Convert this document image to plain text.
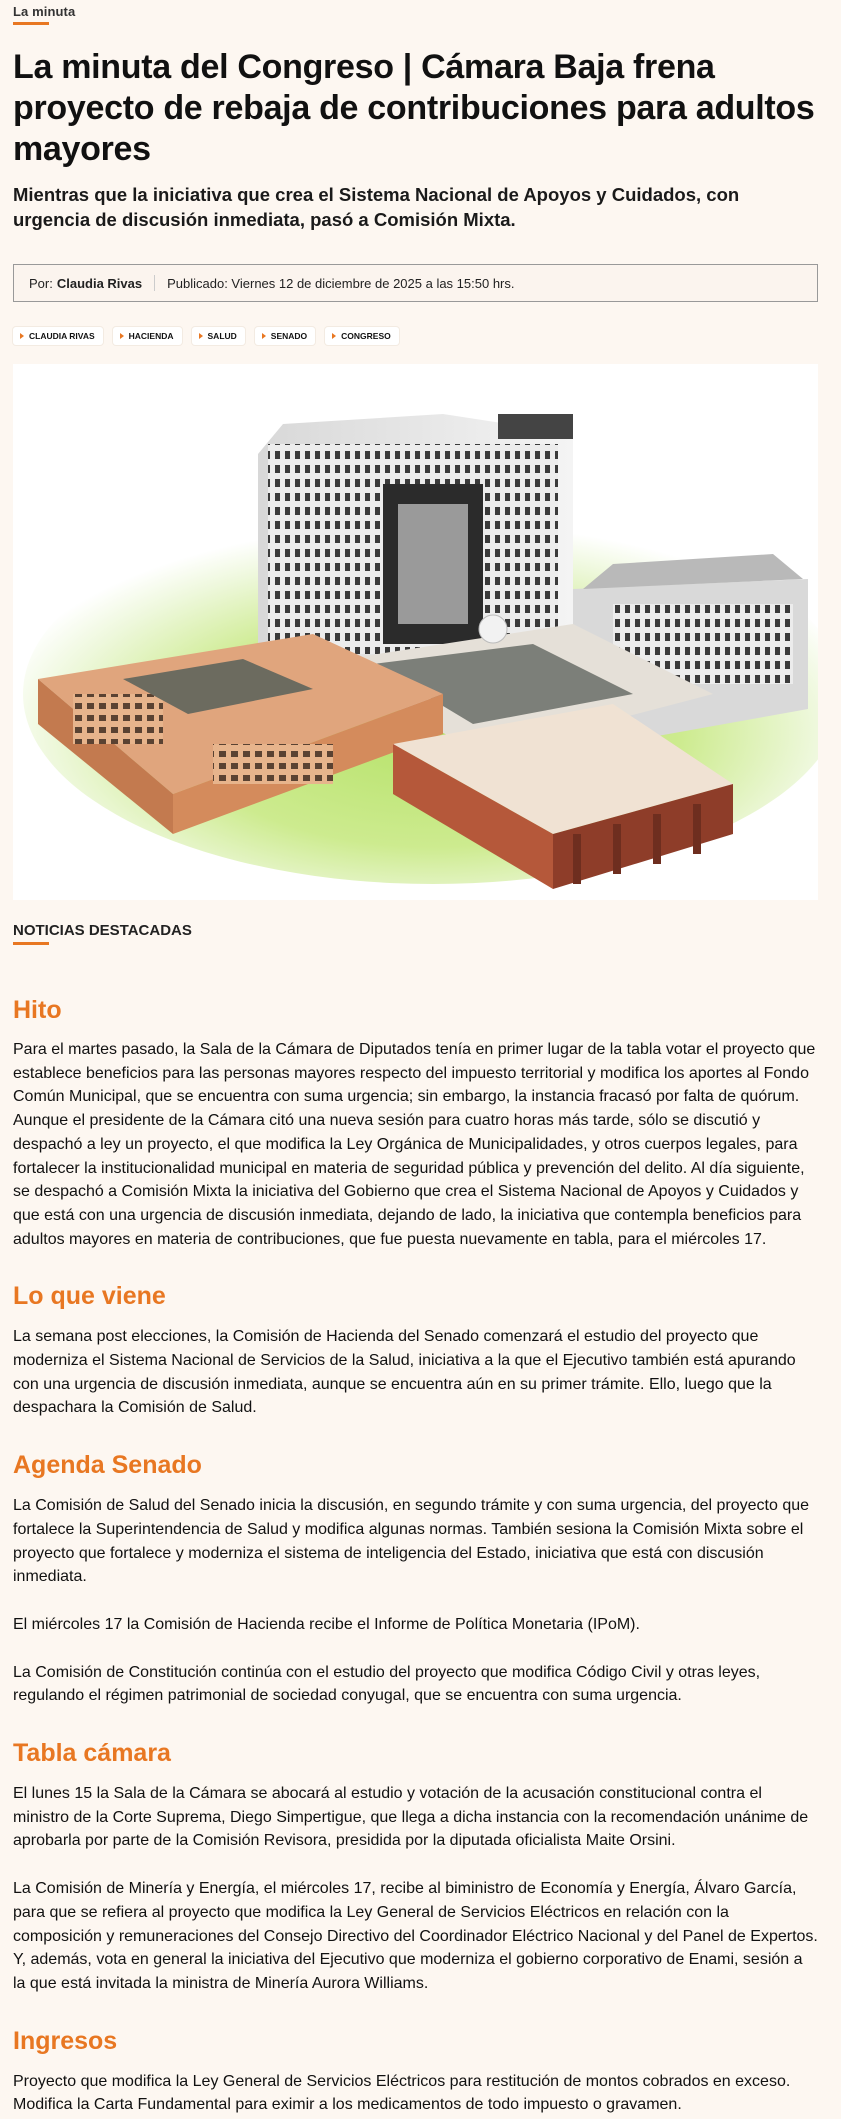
La minuta
La minuta del Congreso | Cámara Baja frena proyecto de rebaja de contribuciones para adultos mayores

Mientras que la iniciativa que crea el Sistema Nacional de Apoyos y Cuidados, con urgencia de discusión inmediata, pasó a Comisión Mixta.

Por: Claudia Rivas Publicado: Viernes 12 de diciembre de 2025 a las 15:50 hrs.
CLAUDIA RIVAS	HACIENDA	SALUD	SENADO	CONGRESO
NOTICIAS DESTACADAS
Hito

Para el martes pasado, la Sala de la Cámara de Diputados tenía en primer lugar de la tabla votar el proyecto que establece beneficios para las personas mayores respecto del impuesto territorial y modifica los aportes al Fondo Común Municipal, que se encuentra con suma urgencia; sin embargo, la instancia fracasó por falta de quórum. Aunque el presidente de la Cámara citó una nueva sesión para cuatro horas más tarde, sólo se discutió y despachó a ley un proyecto, el que modifica la Ley Orgánica de Municipalidades, y otros cuerpos legales, para fortalecer la institucionalidad municipal en materia de seguridad pública y prevención del delito. Al día siguiente, se despachó a Comisión Mixta la iniciativa del Gobierno que crea el Sistema Nacional de Apoyos y Cuidados y que está con una urgencia de discusión inmediata, dejando de lado, la iniciativa que contempla beneficios para adultos mayores en materia de contribuciones, que fue puesta nuevamente en tabla, para el miércoles 17.

Lo que viene

La semana post elecciones, la Comisión de Hacienda del Senado comenzará el estudio del proyecto que moderniza el Sistema Nacional de Servicios de la Salud, iniciativa a la que el Ejecutivo también está apurando con una urgencia de discusión inmediata, aunque se encuentra aún en su primer trámite. Ello, luego que la despachara la Comisión de Salud.

Agenda Senado

La Comisión de Salud del Senado inicia la discusión, en segundo trámite y con suma urgencia, del proyecto que fortalece la Superintendencia de Salud y modifica algunas normas. También sesiona la Comisión Mixta sobre el proyecto que fortalece y moderniza el sistema de inteligencia del Estado, iniciativa que está con discusión inmediata.

El miércoles 17 la Comisión de Hacienda recibe el Informe de Política Monetaria (IPoM).

La Comisión de Constitución continúa con el estudio del proyecto que modifica Código Civil y otras leyes, regulando el régimen patrimonial de sociedad conyugal, que se encuentra con suma urgencia.

Tabla cámara

El lunes 15 la Sala de la Cámara se abocará al estudio y votación de la acusación constitucional contra el ministro de la Corte Suprema, Diego Simpertigue, que llega a dicha instancia con la recomendación unánime de aprobarla por parte de la Comisión Revisora, presidida por la diputada oficialista Maite Orsini.

La Comisión de Minería y Energía, el miércoles 17, recibe al biministro de Economía y Energía, Álvaro García, para que se refiera al proyecto que modifica la Ley General de Servicios Eléctricos en relación con la composición y remuneraciones del Consejo Directivo del Coordinador Eléctrico Nacional y del Panel de Expertos. Y, además, vota en general la iniciativa del Ejecutivo que moderniza el gobierno corporativo de Enami, sesión a la que está invitada la ministra de Minería Aurora Williams.

Ingresos

Proyecto que modifica la Ley General de Servicios Eléctricos para restitución de montos cobrados en exceso.

Modifica la Carta Fundamental para eximir a los medicamentos de todo impuesto o gravamen.
